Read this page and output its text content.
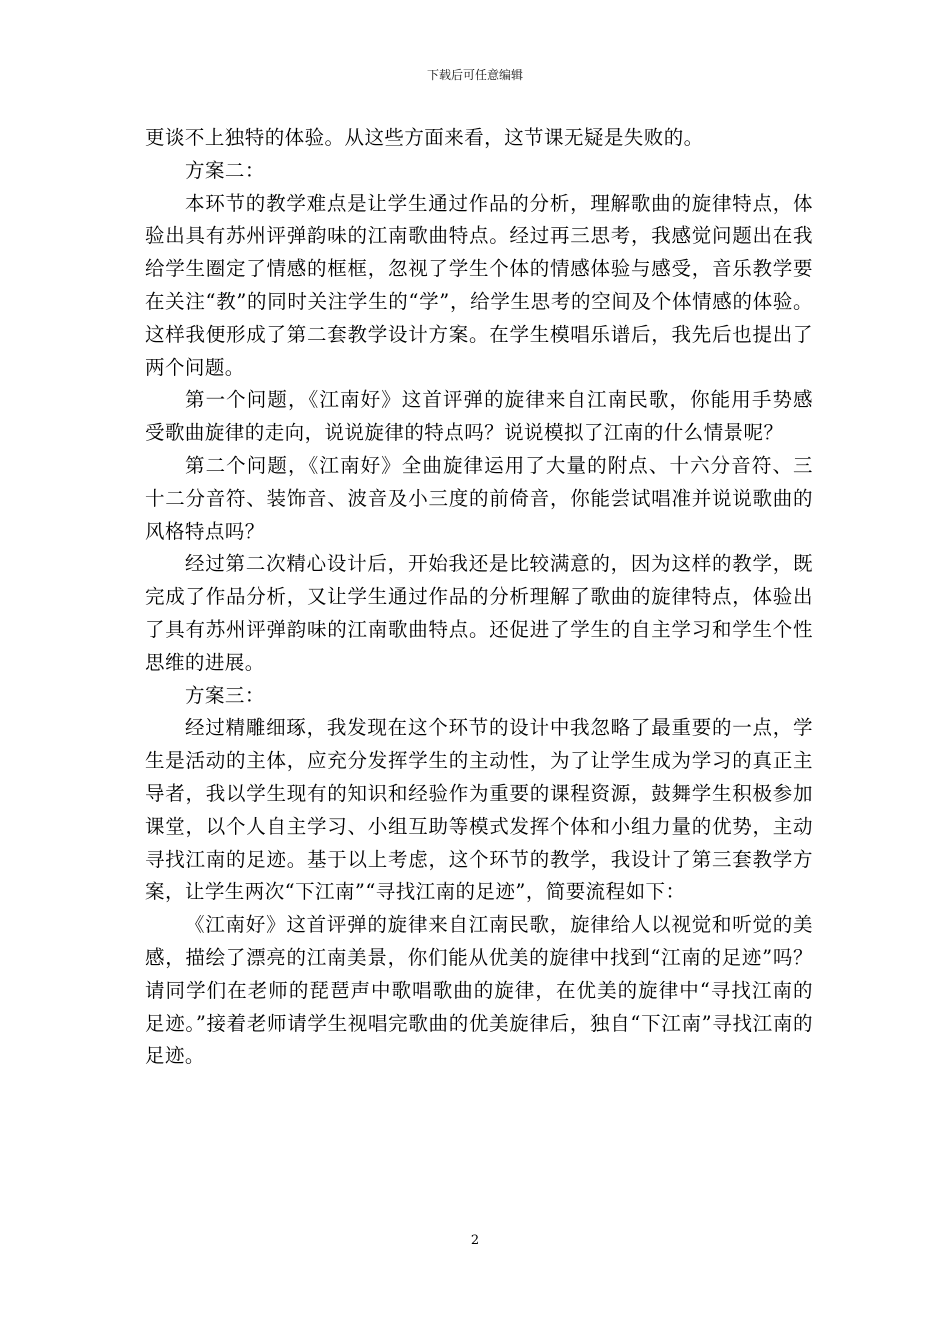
下载后可任意编辑

更谈不上独特的体验。从这些方面来看，这节课无疑是失败的。

方案二：

本环节的教学难点是让学生通过作品的分析，理解歌曲的旋律特点，体验出具有苏州评弹韵味的江南歌曲特点。经过再三思考，我感觉问题出在我给学生圈定了情感的框框，忽视了学生个体的情感体验与感受，音乐教学要在关注“教”的同时关注学生的“学”，给学生思考的空间及个体情感的体验。这样我便形成了第二套教学设计方案。在学生模唱乐谱后，我先后也提出了两个问题。

第一个问题，《江南好》这首评弹的旋律来自江南民歌，你能用手势感受歌曲旋律的走向，说说旋律的特点吗？说说模拟了江南的什么情景呢？

第二个问题，《江南好》全曲旋律运用了大量的附点、十六分音符、三十二分音符、装饰音、波音及小三度的前倚音，你能尝试唱准并说说歌曲的风格特点吗？

经过第二次精心设计后，开始我还是比较满意的，因为这样的教学，既完成了作品分析，又让学生通过作品的分析理解了歌曲的旋律特点，体验出了具有苏州评弹韵味的江南歌曲特点。还促进了学生的自主学习和学生个性思维的进展。

方案三：

经过精雕细琢，我发现在这个环节的设计中我忽略了最重要的一点，学生是活动的主体，应充分发挥学生的主动性，为了让学生成为学习的真正主导者，我以学生现有的知识和经验作为重要的课程资源，鼓舞学生积极参加课堂，以个人自主学习、小组互助等模式发挥个体和小组力量的优势，主动寻找江南的足迹。基于以上考虑，这个环节的教学，我设计了第三套教学方案，让学生两次“下江南”“寻找江南的足迹”，简要流程如下：

《江南好》这首评弹的旋律来自江南民歌，旋律给人以视觉和听觉的美感，描绘了漂亮的江南美景，你们能从优美的旋律中找到“江南的足迹”吗？请同学们在老师的琵琶声中歌唱歌曲的旋律，在优美的旋律中“寻找江南的足迹。”接着老师请学生视唱完歌曲的优美旋律后，独自“下江南”寻找江南的足迹。

2
